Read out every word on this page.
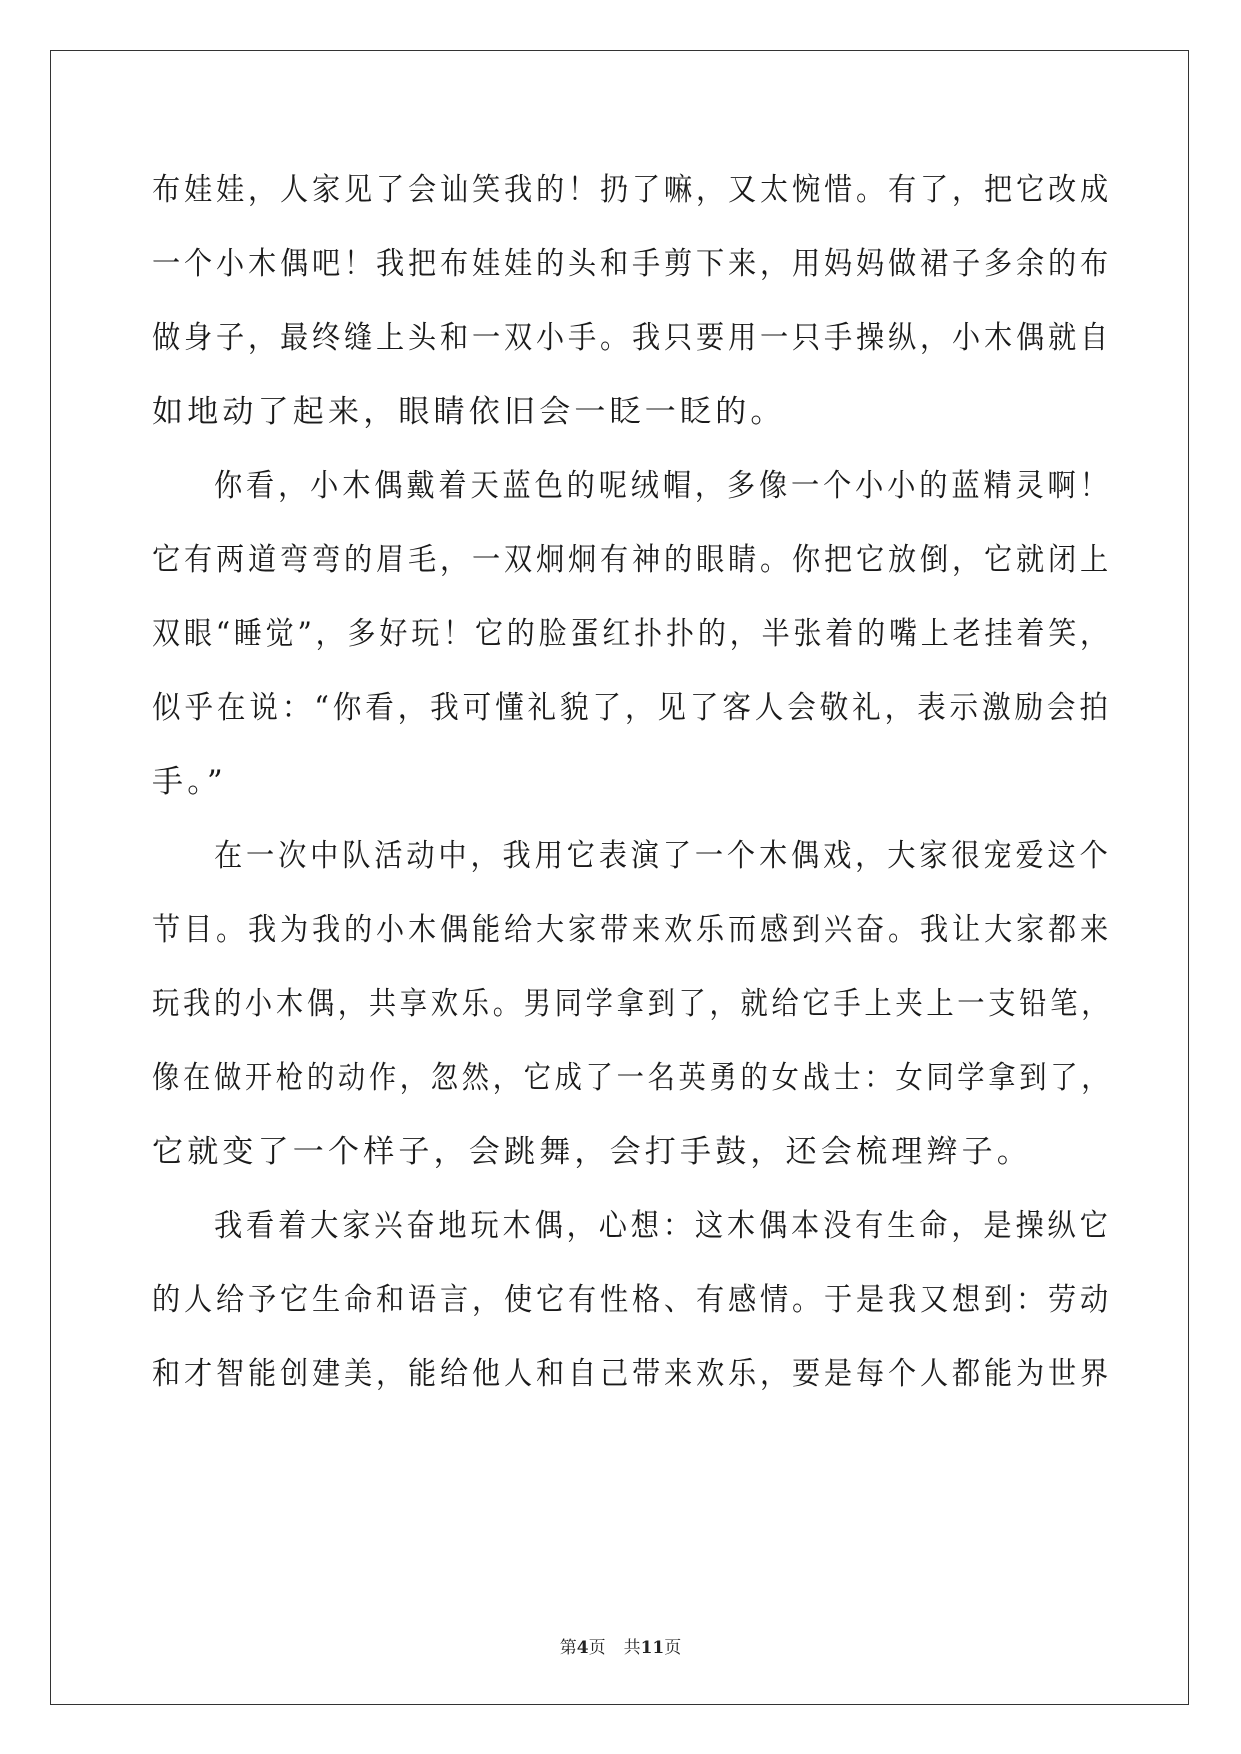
布娃娃，人家见了会讪笑我的！扔了嘛，又太惋惜。有了，把它改成
一个小木偶吧！我把布娃娃的头和手剪下来，用妈妈做裙子多余的布
做身子，最终缝上头和一双小手。我只要用一只手操纵，小木偶就自
如地动了起来，眼睛依旧会一眨一眨的。
你看，小木偶戴着天蓝色的呢绒帽，多像一个小小的蓝精灵啊！
它有两道弯弯的眉毛，一双炯炯有神的眼睛。你把它放倒，它就闭上
双眼“睡觉”，多好玩！它的脸蛋红扑扑的，半张着的嘴上老挂着笑，
似乎在说：“你看，我可懂礼貌了，见了客人会敬礼，表示激励会拍
手。”
在一次中队活动中，我用它表演了一个木偶戏，大家很宠爱这个
节目。我为我的小木偶能给大家带来欢乐而感到兴奋。我让大家都来
玩我的小木偶，共享欢乐。男同学拿到了，就给它手上夹上一支铅笔，
像在做开枪的动作，忽然，它成了一名英勇的女战士：女同学拿到了，
它就变了一个样子，会跳舞，会打手鼓，还会梳理辫子。
我看着大家兴奋地玩木偶，心想：这木偶本没有生命，是操纵它
的人给予它生命和语言，使它有性格、有感情。于是我又想到：劳动
和才智能创建美，能给他人和自己带来欢乐，要是每个人都能为世界
第4页 共11页
